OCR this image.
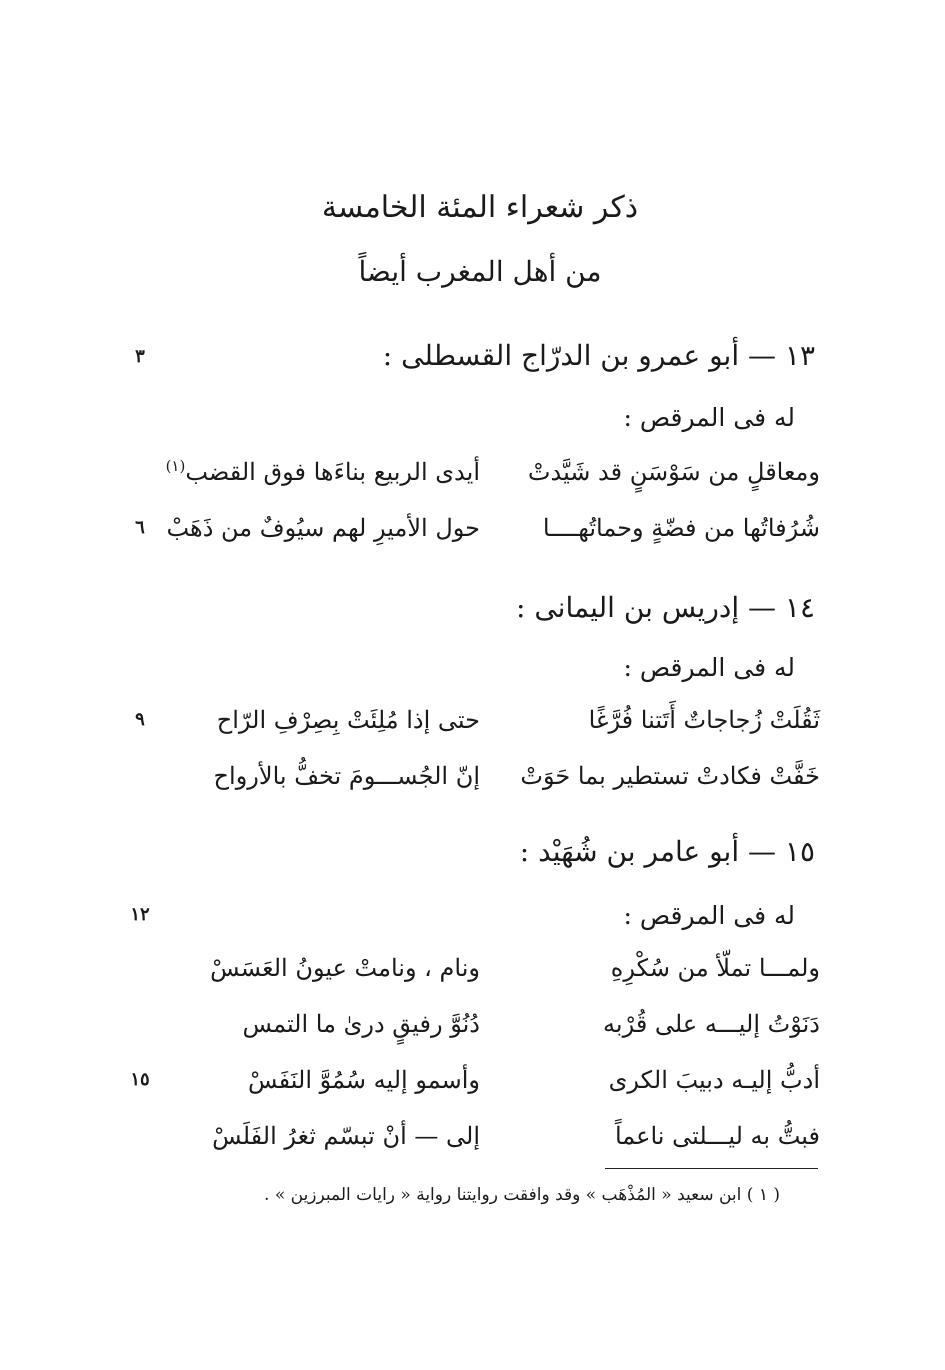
ذكر شعراء المئة الخامسة
من أهل المغرب أيضاً
١٣ — أبو عمرو بن الدرّاج القسطلى :
٣
له فى المرقص :
ومعاقلٍ من سَوْسَنٍ قد شَيَّدتْ
أيدى الربيع بناءَها فوق القضب$^{(١)}$
شُرُفاتُها من فضّةٍ وحماتُهــــا
حول الأميرِ لهم سيُوفٌ من ذَهَبْ
٦
١٤ — إدريس بن اليمانى :
له فى المرقص :
ثَقُلَتْ زُجاجاتٌ أَتَتنا فُرَّغًا
حتى إذا مُلِئَتْ بِصِرْفِ الرّاح
٩
خَفَّتْ فكادتْ تستطير بما حَوَتْ
إنّ الجُســـومَ تخفُّ بالأرواح
١٥ — أبو عامر بن شُهَيْد :
له فى المرقص :
١٢
ولمـــا تملّأ من سُكْرِهِ
ونام ، ونامتْ عيونُ العَسَسْ
دَنَوْتُ إليـــه على قُرْبه
دُنُوَّ رفيقٍ درىٰ ما التمس
أدبُّ إليـه دبيبَ الكرى
وأسمو إليه سُمُوَّ النَفَسْ
١٥
فبتُّ به ليـــلتى ناعماً
إلى — أنْ تبسّم ثغرُ الفَلَسْ
( ١ ) ابن سعيد « المُذْهَب » وقد وافقت روايتنا رواية « رايات المبرزين » .
